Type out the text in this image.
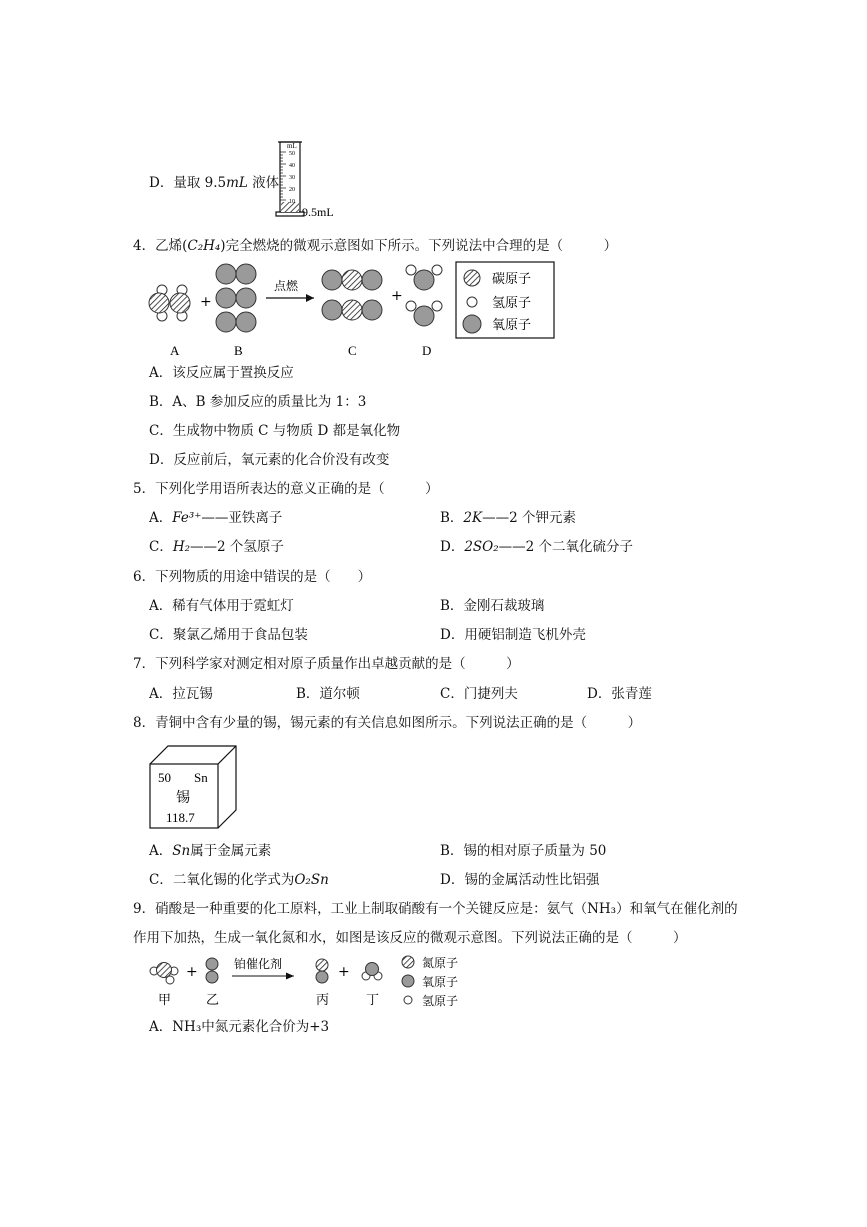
D．量取 9.5mL 液体
mL
50
40
30
20
10
9.5mL
4．乙烯(C₂H₄)完全燃烧的微观示意图如下所示。下列说法中合理的是（　　　）
+
点燃
+
碳原子
氢原子
氧原子
A	B	C	D
A．该反应属于置换反应
B．A、B 参加反应的质量比为 1：3
C．生成物中物质 C 与物质 D 都是氧化物
D．反应前后，氧元素的化合价没有改变
5．下列化学用语所表达的意义正确的是（　　　）
A．Fe³⁺——亚铁离子	B．2K——2 个钾元素
C．H₂——2 个氢原子	D．2SO₂——2 个二氧化硫分子
6．下列物质的用途中错误的是（　　）
A．稀有气体用于霓虹灯	B．金刚石裁玻璃
C．聚氯乙烯用于食品包装	D．用硬铝制造飞机外壳
7．下列科学家对测定相对原子质量作出卓越贡献的是（　　　）
A．拉瓦锡	B．道尔顿	C．门捷列夫	D．张青莲
8．青铜中含有少量的锡，锡元素的有关信息如图所示。下列说法正确的是（　　　）
50 Sn
锡
118.7
A．Sn属于金属元素	B．锡的相对原子质量为 50
C．二氧化锡的化学式为O₂Sn	D．锡的金属活动性比铝强
9．硝酸是一种重要的化工原料，工业上制取硝酸有一个关键反应是：氨气（NH₃）和氧气在催化剂的
作用下加热，生成一氧化氮和水，如图是该反应的微观示意图。下列说法正确的是（　　　）
+	铂催化剂	+
氮原子
氧原子
氢原子
甲	乙	丙	丁
A．NH₃中氮元素化合价为+3
